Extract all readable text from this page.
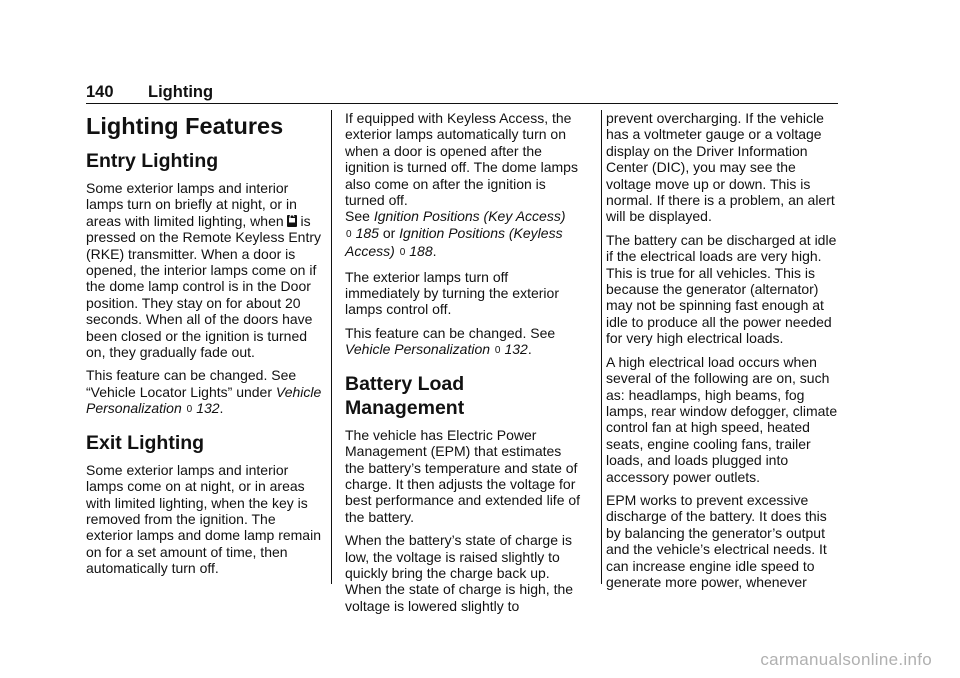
140 Lighting
Lighting Features
Entry Lighting

Some exterior lamps and interior lamps turn on briefly at night, or in areas with limited lighting, when is pressed on the Remote Keyless Entry (RKE) transmitter. When a door is opened, the interior lamps come on if the dome lamp control is in the Door position. They stay on for about 20 seconds. When all of the doors have been closed or the ignition is turned on, they gradually fade out.

This feature can be changed. See “Vehicle Locator Lights” under Vehicle Personalization 0 132.

Exit Lighting

Some exterior lamps and interior lamps come on at night, or in areas with limited lighting, when the key is removed from the ignition. The exterior lamps and dome lamp remain on for a set amount of time, then automatically turn off.

If equipped with Keyless Access, the exterior lamps automatically turn on when a door is opened after the ignition is turned off. The dome lamps also come on after the ignition is turned off.
See Ignition Positions (Key Access)
0 185 or Ignition Positions (Keyless Access) 0 188.

The exterior lamps turn off immediately by turning the exterior lamps control off.

This feature can be changed. See Vehicle Personalization 0 132.

Battery Load Management

The vehicle has Electric Power Management (EPM) that estimates the battery’s temperature and state of charge. It then adjusts the voltage for best performance and extended life of the battery.

When the battery’s state of charge is low, the voltage is raised slightly to quickly bring the charge back up. When the state of charge is high, the voltage is lowered slightly to

prevent overcharging. If the vehicle has a voltmeter gauge or a voltage display on the Driver Information Center (DIC), you may see the voltage move up or down. This is normal. If there is a problem, an alert will be displayed.

The battery can be discharged at idle if the electrical loads are very high. This is true for all vehicles. This is because the generator (alternator) may not be spinning fast enough at idle to produce all the power needed for very high electrical loads.

A high electrical load occurs when several of the following are on, such as: headlamps, high beams, fog lamps, rear window defogger, climate control fan at high speed, heated seats, engine cooling fans, trailer loads, and loads plugged into accessory power outlets.

EPM works to prevent excessive discharge of the battery. It does this by balancing the generator’s output and the vehicle’s electrical needs. It can increase engine idle speed to generate more power, whenever

carmanualsonline.info
